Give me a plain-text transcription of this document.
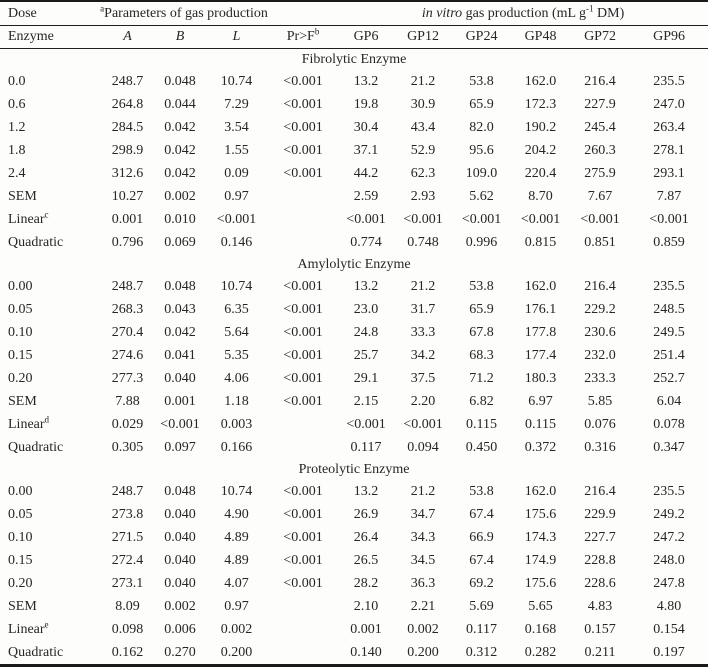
Dose	$^a$Parameters of gas production				in vitro gas production (mL $g^{-1}$ DM)					
Enzyme	A	B	L	$Pr>F^b$	GP6	GP12	GP24	GP48	GP72	GP96
Fibrolytic Enzyme										
0.0	248.7	0.048	10.74	<0.001	13.2	21.2	53.8	162.0	216.4	235.5
0.6	264.8	0.044	7.29	<0.001	19.8	30.9	65.9	172.3	227.9	247.0
1.2	284.5	0.042	3.54	<0.001	30.4	43.4	82.0	190.2	245.4	263.4
1.8	298.9	0.042	1.55	<0.001	37.1	52.9	95.6	204.2	260.3	278.1
2.4	312.6	0.042	0.09	<0.001	44.2	62.3	109.0	220.4	275.9	293.1
SEM	10.27	0.002	0.97		2.59	2.93	5.62	8.70	7.67	7.87
Linear$^c$	0.001	0.010	<0.001		<0.001	<0.001	<0.001	<0.001	<0.001	<0.001
Quadratic	0.796	0.069	0.146		0.774	0.748	0.996	0.815	0.851	0.859
Amylolytic Enzyme										
0.00	248.7	0.048	10.74	<0.001	13.2	21.2	53.8	162.0	216.4	235.5
0.05	268.3	0.043	6.35	<0.001	23.0	31.7	65.9	176.1	229.2	248.5
0.10	270.4	0.042	5.64	<0.001	24.8	33.3	67.8	177.8	230.6	249.5
0.15	274.6	0.041	5.35	<0.001	25.7	34.2	68.3	177.4	232.0	251.4
0.20	277.3	0.040	4.06	<0.001	29.1	37.5	71.2	180.3	233.3	252.7
SEM	7.88	0.001	1.18	<0.001	2.15	2.20	6.82	6.97	5.85	6.04
Linear$^d$	0.029	<0.001	0.003		<0.001	<0.001	0.115	0.115	0.076	0.078
Quadratic	0.305	0.097	0.166		0.117	0.094	0.450	0.372	0.316	0.347
Proteolytic Enzyme										
0.00	248.7	0.048	10.74	<0.001	13.2	21.2	53.8	162.0	216.4	235.5
0.05	273.8	0.040	4.90	<0.001	26.9	34.7	67.4	175.6	229.9	249.2
0.10	271.5	0.040	4.89	<0.001	26.4	34.3	66.9	174.3	227.7	247.2
0.15	272.4	0.040	4.89	<0.001	26.5	34.5	67.4	174.9	228.8	248.0
0.20	273.1	0.040	4.07	<0.001	28.2	36.3	69.2	175.6	228.6	247.8
SEM	8.09	0.002	0.97		2.10	2.21	5.69	5.65	4.83	4.80
Linear$^e$	0.098	0.006	0.002		0.001	0.002	0.117	0.168	0.157	0.154
Quadratic	0.162	0.270	0.200		0.140	0.200	0.312	0.282	0.211	0.197
